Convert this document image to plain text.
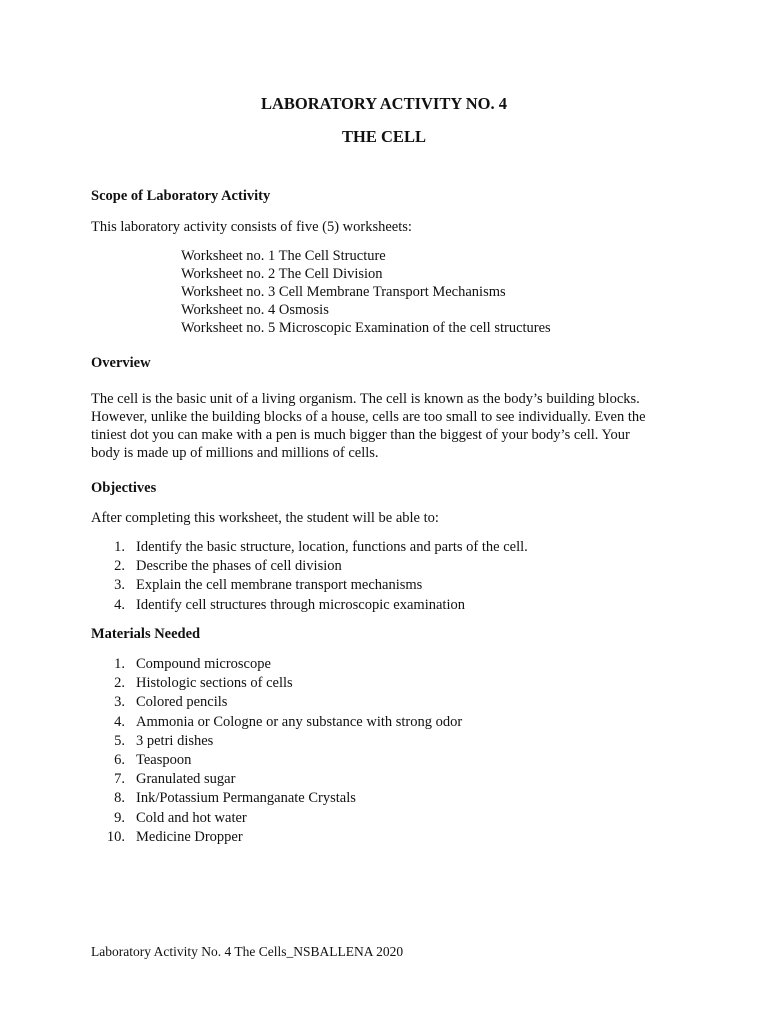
LABORATORY ACTIVITY NO. 4
THE CELL
Scope of Laboratory Activity
This laboratory activity consists of five (5) worksheets:
Worksheet no. 1 The Cell Structure
Worksheet no. 2 The Cell Division
Worksheet no. 3 Cell Membrane Transport Mechanisms
Worksheet no. 4 Osmosis
Worksheet no. 5 Microscopic Examination of the cell structures
Overview
The cell is the basic unit of a living organism. The cell is known as the body’s building blocks.
However, unlike the building blocks of a house, cells are too small to see individually. Even the
tiniest dot you can make with a pen is much bigger than the biggest of your body’s cell. Your
body is made up of millions and millions of cells.
Objectives
After completing this worksheet, the student will be able to:
1. Identify the basic structure, location, functions and parts of the cell.
2. Describe the phases of cell division
3. Explain the cell membrane transport mechanisms
4. Identify cell structures through microscopic examination
Materials Needed
1. Compound microscope
2. Histologic sections of cells
3. Colored pencils
4. Ammonia or Cologne or any substance with strong odor
5. 3 petri dishes
6. Teaspoon
7. Granulated sugar
8. Ink/Potassium Permanganate Crystals
9. Cold and hot water
10. Medicine Dropper
Laboratory Activity No. 4 The Cells_NSBALLENA 2020
